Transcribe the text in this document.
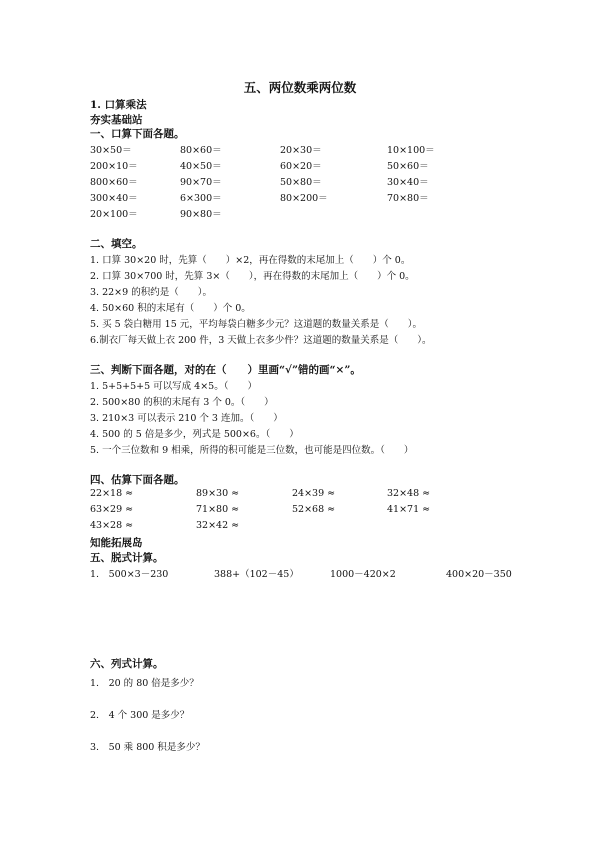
五、两位数乘两位数
1. 口算乘法
夯实基础站
一、口算下面各题。
30×50＝	80×60＝	20×30＝	10×100＝
200×10＝	40×50＝	60×20＝	50×60＝
800×60＝	90×70＝	50×80＝	30×40＝
300×40＝	6×300＝	80×200＝	70×80＝
20×100＝	90×80＝
二、填空。
1. 口算 30×20 时，先算（　　）×2，再在得数的末尾加上（　　）个 0。
2. 口算 30×700 时，先算 3×（　　），再在得数的末尾加上（　　）个 0。
3. 22×9 的积约是（　　）。
4. 50×60 积的末尾有（　　）个 0。
5. 买 5 袋白糖用 15 元，平均每袋白糖多少元？这道题的数量关系是（　　）。
6.制衣厂每天做上衣 200 件，3 天做上衣多少件？这道题的数量关系是（　　）。
三、判断下面各题，对的在（　　）里画“√”错的画“×”。
1. 5+5+5+5 可以写成 4×5。（　　）
2. 500×80 的积的末尾有 3 个 0。（　　）
3. 210×3 可以表示 210 个 3 连加。（　　）
4. 500 的 5 倍是多少，列式是 500×6。（　　）
5. 一个三位数和 9 相乘，所得的积可能是三位数，也可能是四位数。（　　）
四、估算下面各题。
22×18 ≈	89×30 ≈	24×39 ≈	32×48 ≈
63×29 ≈	71×80 ≈	52×68 ≈	41×71 ≈
43×28 ≈	32×42 ≈
知能拓展岛
五、脱式计算。
1.　500×3－230	388+（102－45）	1000－420×2	400×20－350
六、列式计算。
1.　20 的 80 倍是多少？
2.　4 个 300 是多少？
3.　50 乘 800 积是多少？
